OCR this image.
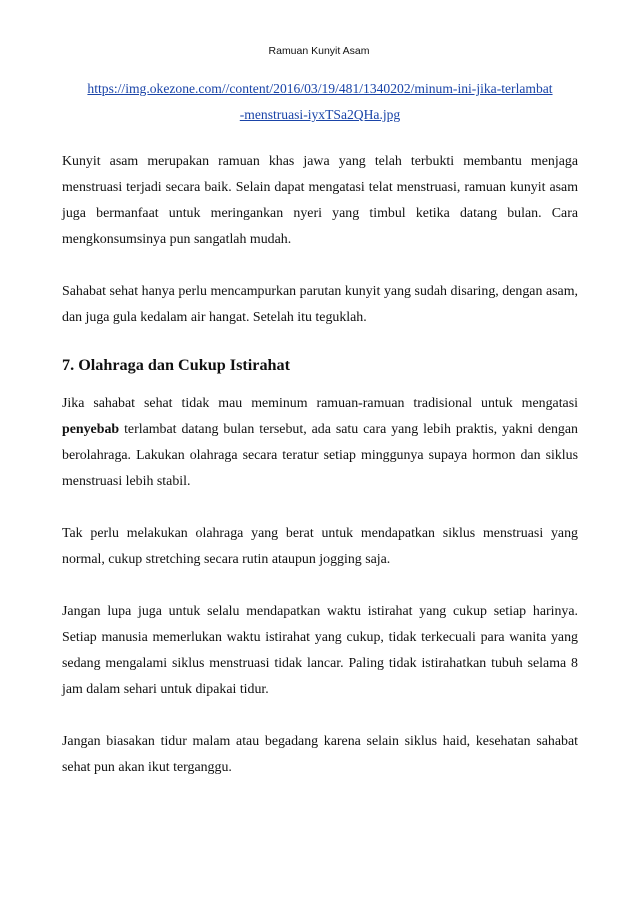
Ramuan Kunyit Asam
https://img.okezone.com//content/2016/03/19/481/1340202/minum-ini-jika-terlambat
-menstruasi-iyxTSa2QHa.jpg

Kunyit asam merupakan ramuan khas jawa yang telah terbukti membantu menjaga menstruasi terjadi secara baik. Selain dapat mengatasi telat menstruasi, ramuan kunyit asam juga bermanfaat untuk meringankan nyeri yang timbul ketika datang bulan. Cara mengkonsumsinya pun sangatlah mudah.

Sahabat sehat hanya perlu mencampurkan parutan kunyit yang sudah disaring, dengan asam, dan juga gula kedalam air hangat. Setelah itu teguklah.

7. Olahraga dan Cukup Istirahat

Jika sahabat sehat tidak mau meminum ramuan-ramuan tradisional untuk mengatasi penyebab terlambat datang bulan tersebut, ada satu cara yang lebih praktis, yakni dengan berolahraga. Lakukan olahraga secara teratur setiap minggunya supaya hormon dan siklus menstruasi lebih stabil.

Tak perlu melakukan olahraga yang berat untuk mendapatkan siklus menstruasi yang normal, cukup stretching secara rutin ataupun jogging saja.

Jangan lupa juga untuk selalu mendapatkan waktu istirahat yang cukup setiap harinya. Setiap manusia memerlukan waktu istirahat yang cukup, tidak terkecuali para wanita yang sedang mengalami siklus menstruasi tidak lancar. Paling tidak istirahatkan tubuh selama 8 jam dalam sehari untuk dipakai tidur.

Jangan biasakan tidur malam atau begadang karena selain siklus haid, kesehatan sahabat sehat pun akan ikut terganggu.
